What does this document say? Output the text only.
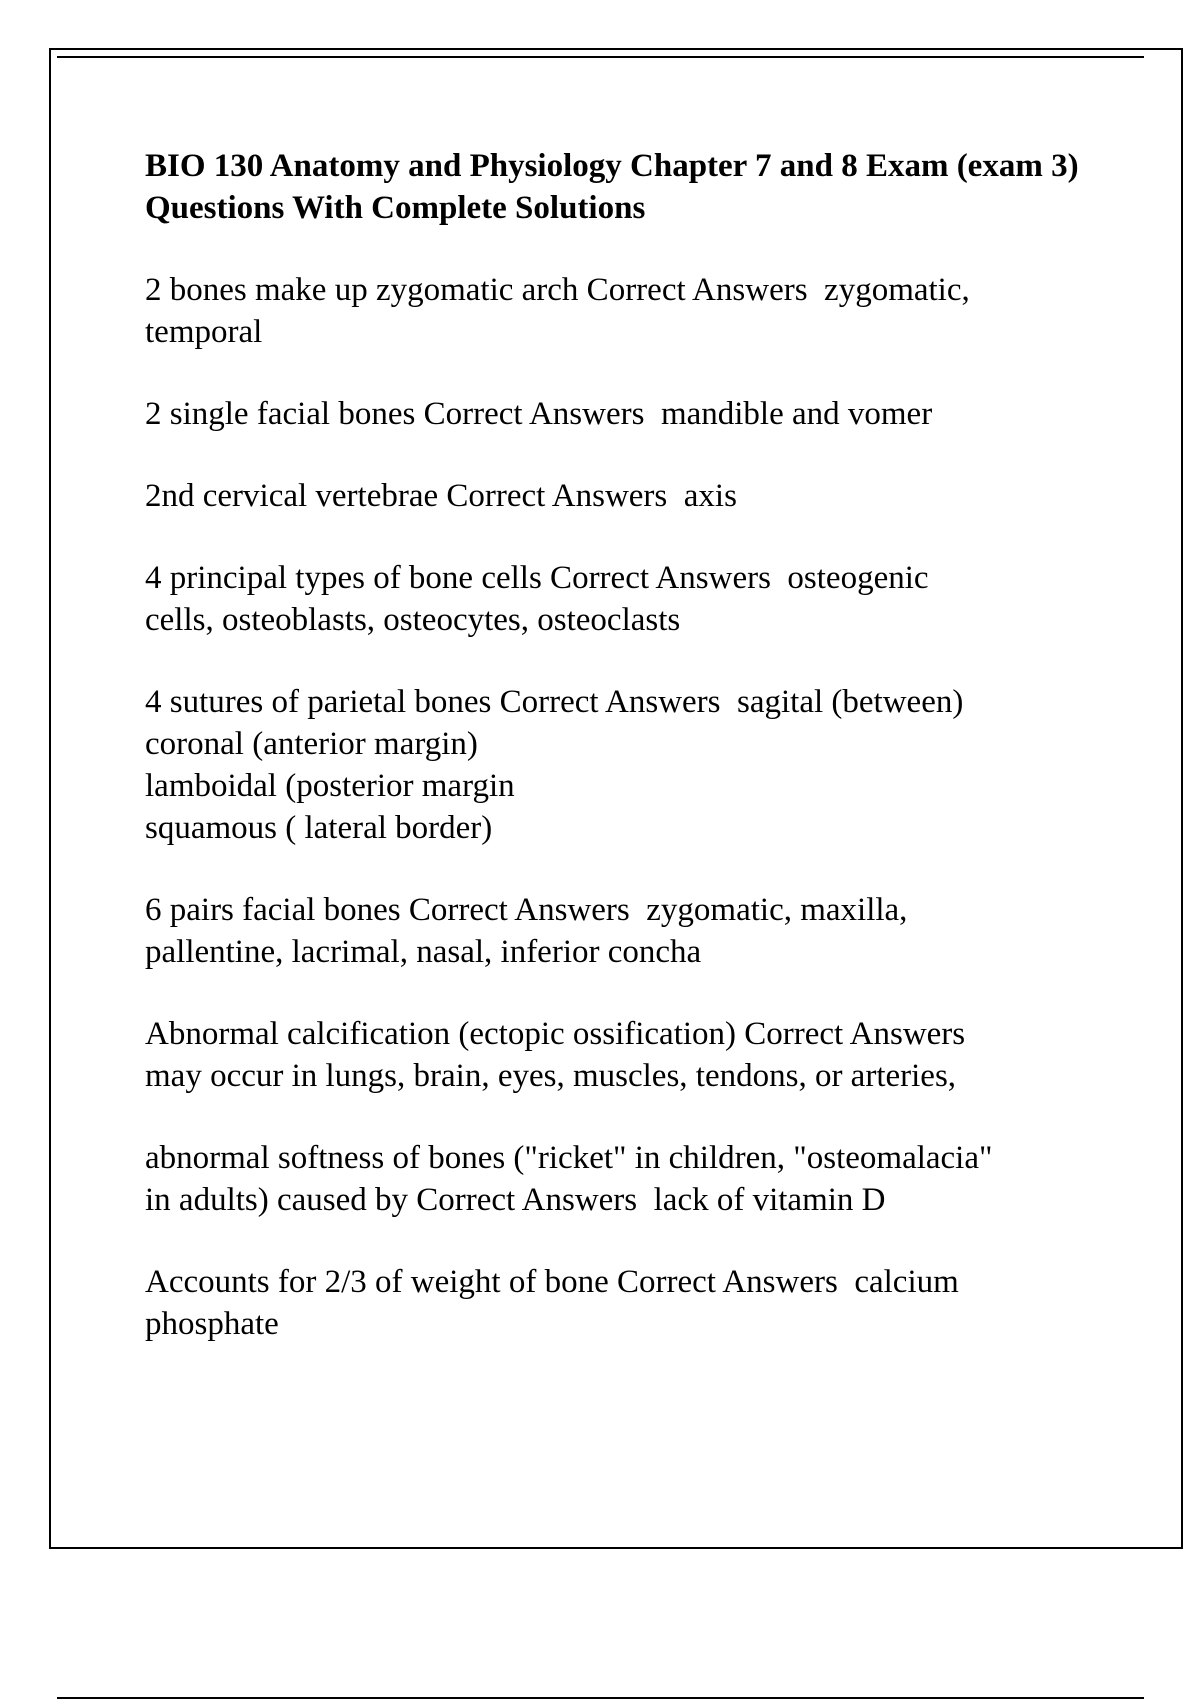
BIO 130 Anatomy and Physiology Chapter 7 and 8 Exam (exam 3) Questions With Complete Solutions

2 bones make up zygomatic arch Correct Answers  zygomatic,
temporal

2 single facial bones Correct Answers  mandible and vomer

2nd cervical vertebrae Correct Answers  axis

4 principal types of bone cells Correct Answers  osteogenic
cells, osteoblasts, osteocytes, osteoclasts

4 sutures of parietal bones Correct Answers  sagital (between)
coronal (anterior margin)
lamboidal (posterior margin
squamous ( lateral border)

6 pairs facial bones Correct Answers  zygomatic, maxilla,
pallentine, lacrimal, nasal, inferior concha

Abnormal calcification (ectopic ossification) Correct Answers
may occur in lungs, brain, eyes, muscles, tendons, or arteries,

abnormal softness of bones ("ricket" in children, "osteomalacia"
in adults) caused by Correct Answers  lack of vitamin D

Accounts for 2/3 of weight of bone Correct Answers  calcium
phosphate
